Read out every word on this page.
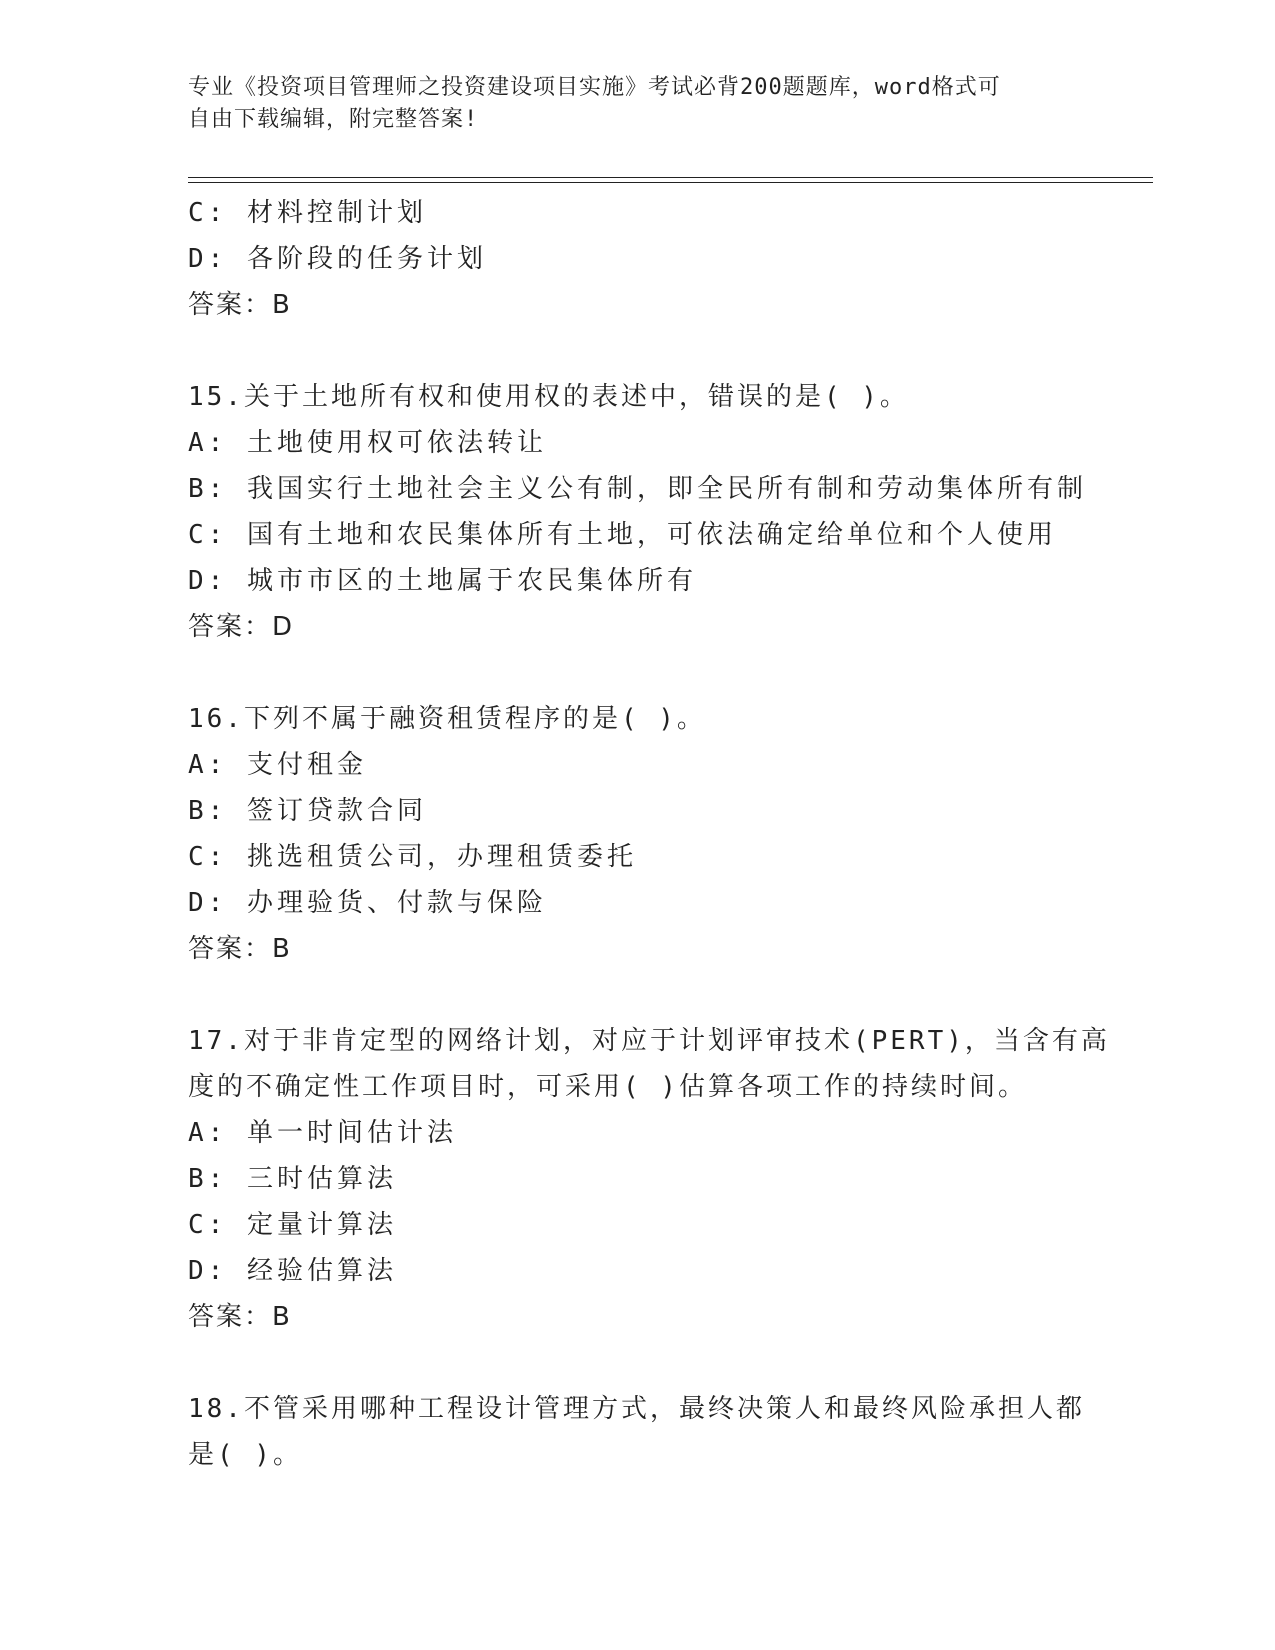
专业《投资项目管理师之投资建设项目实施》考试必背200题题库，word格式可
自由下载编辑，附完整答案!
C: 材料控制计划
D: 各阶段的任务计划
答案：B
15.关于土地所有权和使用权的表述中，错误的是( )。
A: 土地使用权可依法转让
B: 我国实行土地社会主义公有制，即全民所有制和劳动集体所有制
C: 国有土地和农民集体所有土地，可依法确定给单位和个人使用
D: 城市市区的土地属于农民集体所有
答案：D
16.下列不属于融资租赁程序的是( )。
A: 支付租金
B: 签订贷款合同
C: 挑选租赁公司，办理租赁委托
D: 办理验货、付款与保险
答案：B
17.对于非肯定型的网络计划，对应于计划评审技术(PERT)，当含有高
度的不确定性工作项目时，可采用( )估算各项工作的持续时间。
A: 单一时间估计法
B: 三时估算法
C: 定量计算法
D: 经验估算法
答案：B
18.不管采用哪种工程设计管理方式，最终决策人和最终风险承担人都
是( )。
